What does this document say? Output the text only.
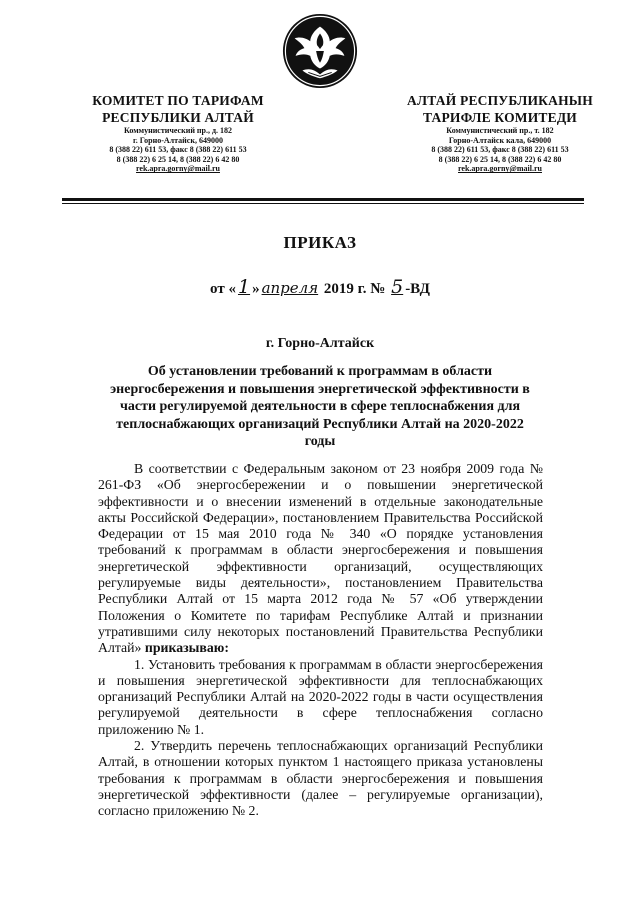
КОМИТЕТ ПО ТАРИФАМ
РЕСПУБЛИКИ АЛТАЙ
Коммунистический пр., д. 182
г. Горно-Алтайск, 649000
8 (388 22) 611 53, факс 8 (388 22) 611 53
8 (388 22) 6 25 14, 8 (388 22) 6 42 80
rek.apra.gorny@mail.ru
АЛТАЙ РЕСПУБЛИКАНЫН
ТАРИФЛЕ КОМИТЕДИ
Коммунистический пр., т. 182
Горно-Алтайск кала, 649000
8 (388 22) 611 53, факс 8 (388 22) 611 53
8 (388 22) 6 25 14, 8 (388 22) 6 42 80
rek.apra.gorny@mail.ru
ПРИКАЗ
от « 1 » апреля 2019 г. № 5 -ВД
г. Горно-Алтайск
Об установлении требований к программам в области энергосбережения и повышения энергетической эффективности в части регулируемой деятельности в сфере теплоснабжения для теплоснабжающих организаций Республики Алтай на 2020-2022 годы

В соответствии с Федеральным законом от 23 ноября 2009 года № 261-ФЗ «Об энергосбережении и о повышении энергетической эффективности и о внесении изменений в отдельные законодательные акты Российской Федерации», постановлением Правительства Российской Федерации от 15 мая 2010 года № 340 «О порядке установления требований к программам в области энергосбережения и повышения энергетической эффективности организаций, осуществляющих регулируемые виды деятельности», постановлением Правительства Республики Алтай от 15 марта 2012 года № 57 «Об утверждении Положения о Комитете по тарифам Республике Алтай и признании утратившими силу некоторых постановлений Правительства Республики Алтай» приказываю:

1. Установить требования к программам в области энергосбережения и повышения энергетической эффективности для теплоснабжающих организаций Республики Алтай на 2020-2022 годы в части осуществления регулируемой деятельности в сфере теплоснабжения согласно приложению № 1.

2. Утвердить перечень теплоснабжающих организаций Республики Алтай, в отношении которых пунктом 1 настоящего приказа установлены требования к программам в области энергосбережения и повышения энергетической эффективности (далее – регулируемые организации), согласно приложению № 2.
